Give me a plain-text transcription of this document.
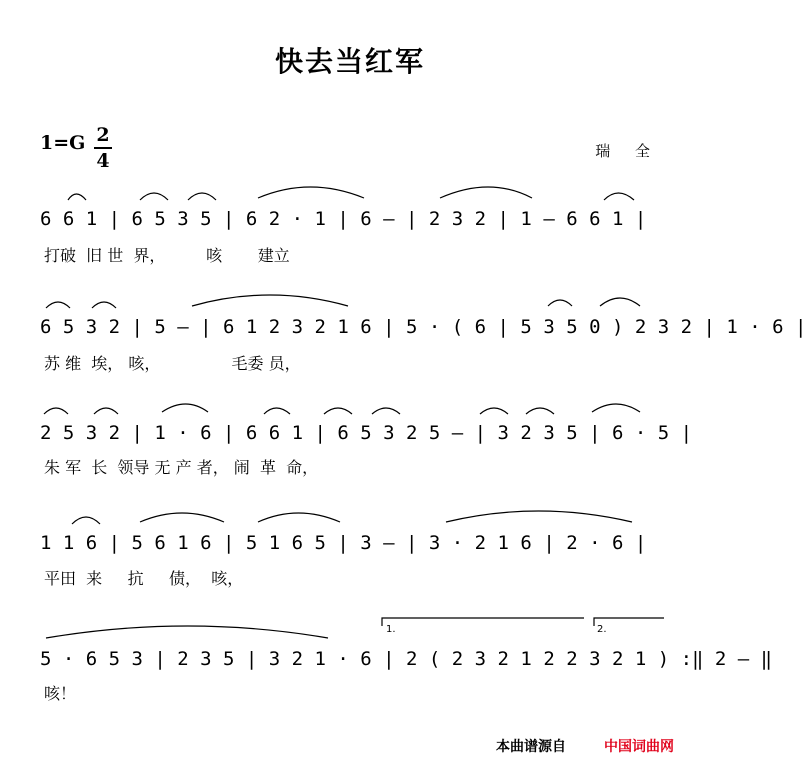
快去当红军
1=G 2
4	瑞 全
6 6 1 | 6 5 3 5 | 6 2 · 1 | 6 – | 2 3 2 | 1 – 6 6 1 |
打破  旧 世  界，        咳       建立
6 5 3 2 | 5 – | 6 1 2 3 2 1 6 | 5 · ( 6 | 5 3 5 0 ) 2 3 2 | 1 · 6 |
苏 维  埃， 咳，              毛委 员，
2 5 3 2 | 1 · 6 | 6 6 1 | 6 5 3 2 5 – | 3 2 3 5 | 6 · 5 |
朱 军  长  领导 无 产 者， 闹  革  命，
1 1 6 | 5 6 1 6 | 5 1 6 5 | 3 – | 3 · 2 1 6 | 2 · 6 |
平田  来     抗     债，  咳，
5 · 6 5 3 | 2 3 5 | 3 2 1 · 6 | 2 ( 2 3 2 1 2 2 3 2 1 ) :‖ 2 – ‖
咳！
1.	2.
本曲谱源自	中国词曲网
